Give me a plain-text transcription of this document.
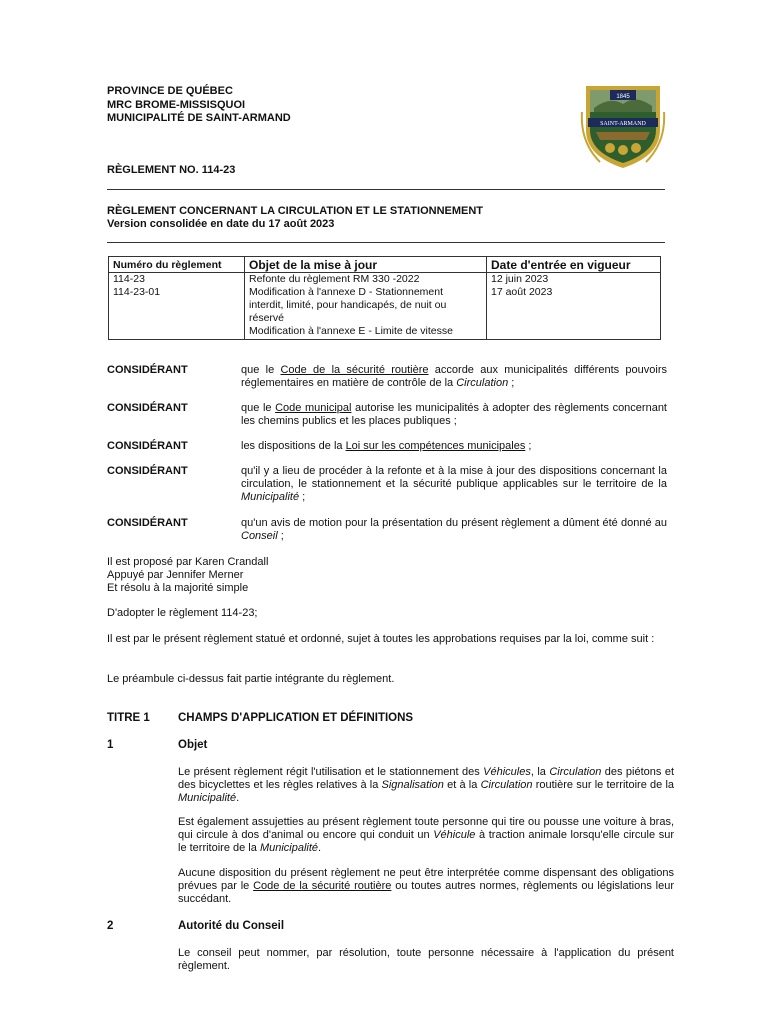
PROVINCE DE QUÉBEC
MRC BROME-MISSISQUOI
MUNICIPALITÉ DE SAINT-ARMAND
1845
SAINT-ARMAND
RÈGLEMENT NO. 114-23
RÈGLEMENT CONCERNANT LA CIRCULATION ET LE STATIONNEMENT
Version consolidée en date du 17 août 2023
Numéro du règlement	Objet de la mise à jour	Date d'entrée en vigueur
114-23	Refonte du règlement RM 330 -2022	12 juin 2023
114-23-01	Modification à l'annexe D - Stationnement	17 août 2023
	interdit, limité, pour handicapés, de nuit ou	
	réservé	
	Modification à l'annexe E - Limite de vitesse	
CONSIDÉRANT	que le Code de la sécurité routière accorde aux municipalités différents pouvoirs réglementaires en matière de contrôle de la Circulation ;
CONSIDÉRANT	que le Code municipal autorise les municipalités à adopter des règlements concernant les chemins publics et les places publiques ;
CONSIDÉRANT	les dispositions de la Loi sur les compétences municipales ;
CONSIDÉRANT	qu'il y a lieu de procéder à la refonte et à la mise à jour des dispositions concernant la circulation, le stationnement et la sécurité publique applicables sur le territoire de la Municipalité ;
CONSIDÉRANT	qu'un avis de motion pour la présentation du présent règlement a dûment été donné au Conseil ;
Il est proposé par Karen Crandall
Appuyé par Jennifer Merner
Et résolu à la majorité simple
D'adopter le règlement 114-23;
Il est par le présent règlement statué et ordonné, sujet à toutes les approbations requises par la loi, comme suit :
Le préambule ci-dessus fait partie intégrante du règlement.
TITRE 1 CHAMPS D'APPLICATION ET DÉFINITIONS
1	Objet
Le présent règlement régit l'utilisation et le stationnement des Véhicules, la Circulation des piétons et des bicyclettes et les règles relatives à la Signalisation et à la Circulation routière sur le territoire de la Municipalité.
Est également assujetties au présent règlement toute personne qui tire ou pousse une voiture à bras, qui circule à dos d'animal ou encore qui conduit un Véhicule à traction animale lorsqu'elle circule sur le territoire de la Municipalité.
Aucune disposition du présent règlement ne peut être interprétée comme dispensant des obligations prévues par le Code de la sécurité routière ou toutes autres normes, règlements ou législations leur succédant.
2	Autorité du Conseil
Le conseil peut nommer, par résolution, toute personne nécessaire à l'application du présent règlement.
